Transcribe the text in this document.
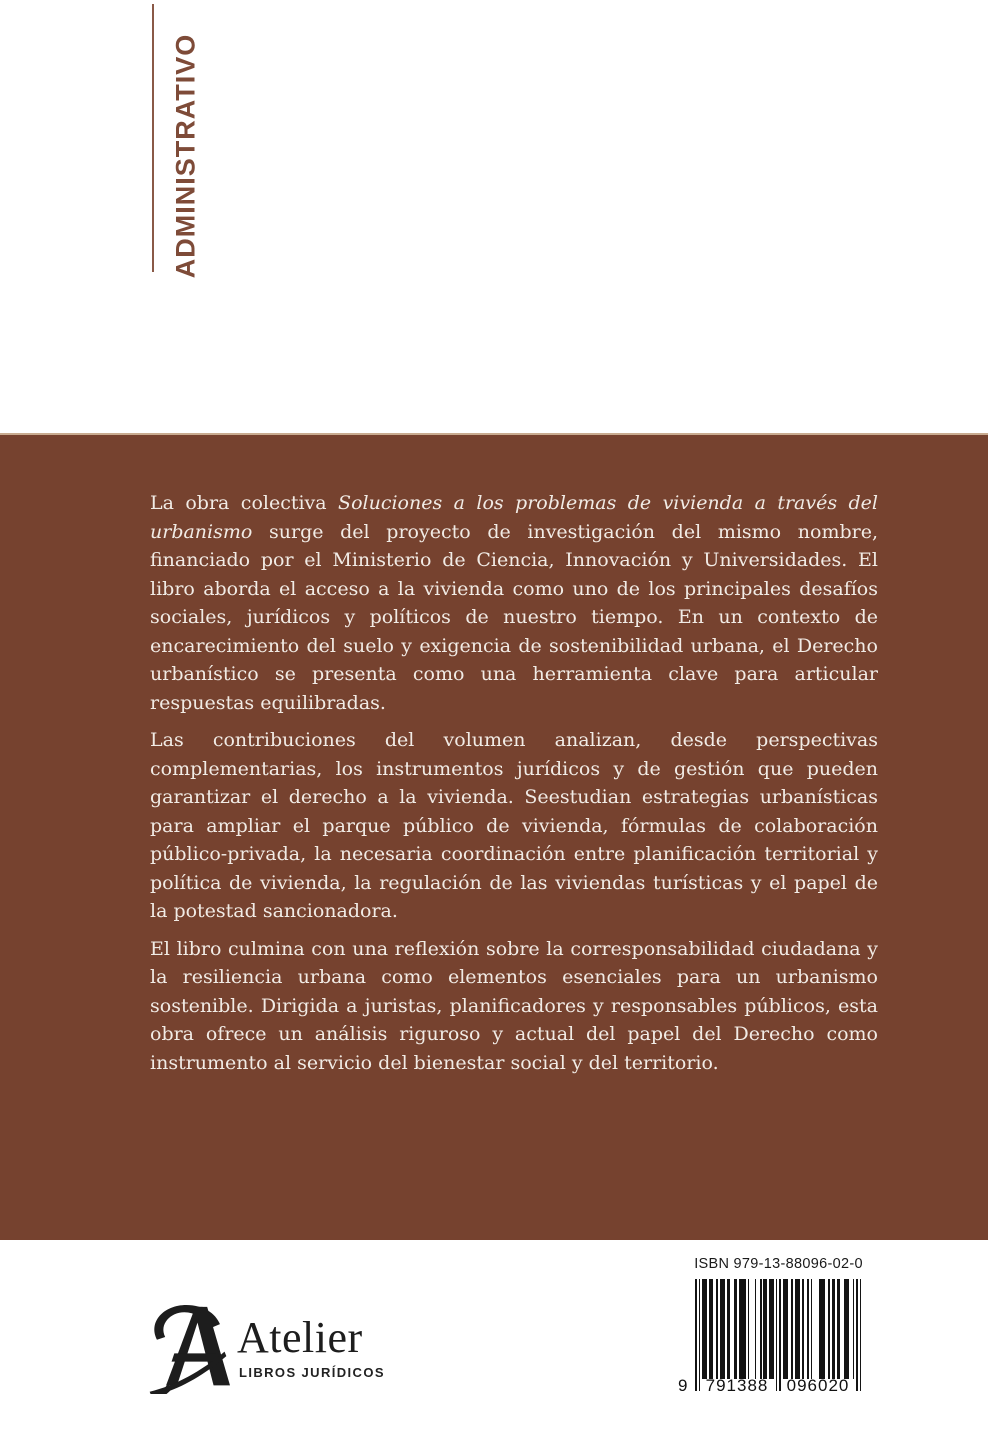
ADMINISTRATIVO

La obra colectiva Soluciones a los problemas de vivienda a través del urbanismo surge del proyecto de investigación del mismo nombre, financiado por el Ministerio de Ciencia, Innovación y Universidades. El libro aborda el acceso a la vivienda como uno de los principales desafíos sociales, jurídicos y políticos de nuestro tiempo. En un contexto de encarecimiento del suelo y exigencia de sostenibilidad urbana, el Derecho urbanístico se presenta como una herramienta clave para articular respuestas equilibradas.

Las contribuciones del volumen analizan, desde perspectivas complementarias, los instrumentos jurídicos y de gestión que pueden garantizar el derecho a la vivienda. Seestudian estrategias urbanísticas para ampliar el parque público de vivienda, fórmulas de colaboración público-privada, la necesaria coordinación entre planificación territorial y política de vivienda, la regulación de las viviendas turísticas y el papel de la potestad sancionadora.

El libro culmina con una reflexión sobre la corresponsabilidad ciudadana y la resiliencia urbana como elementos esenciales para un urbanismo sostenible. Dirigida a juristas, planificadores y responsables públicos, esta obra ofrece un análisis riguroso y actual del papel del Derecho como instrumento al servicio del bienestar social y del territorio.

Atelier

LIBROS JURÍDICOS

ISBN 979-13-88096-02-0
9 791388 096020
